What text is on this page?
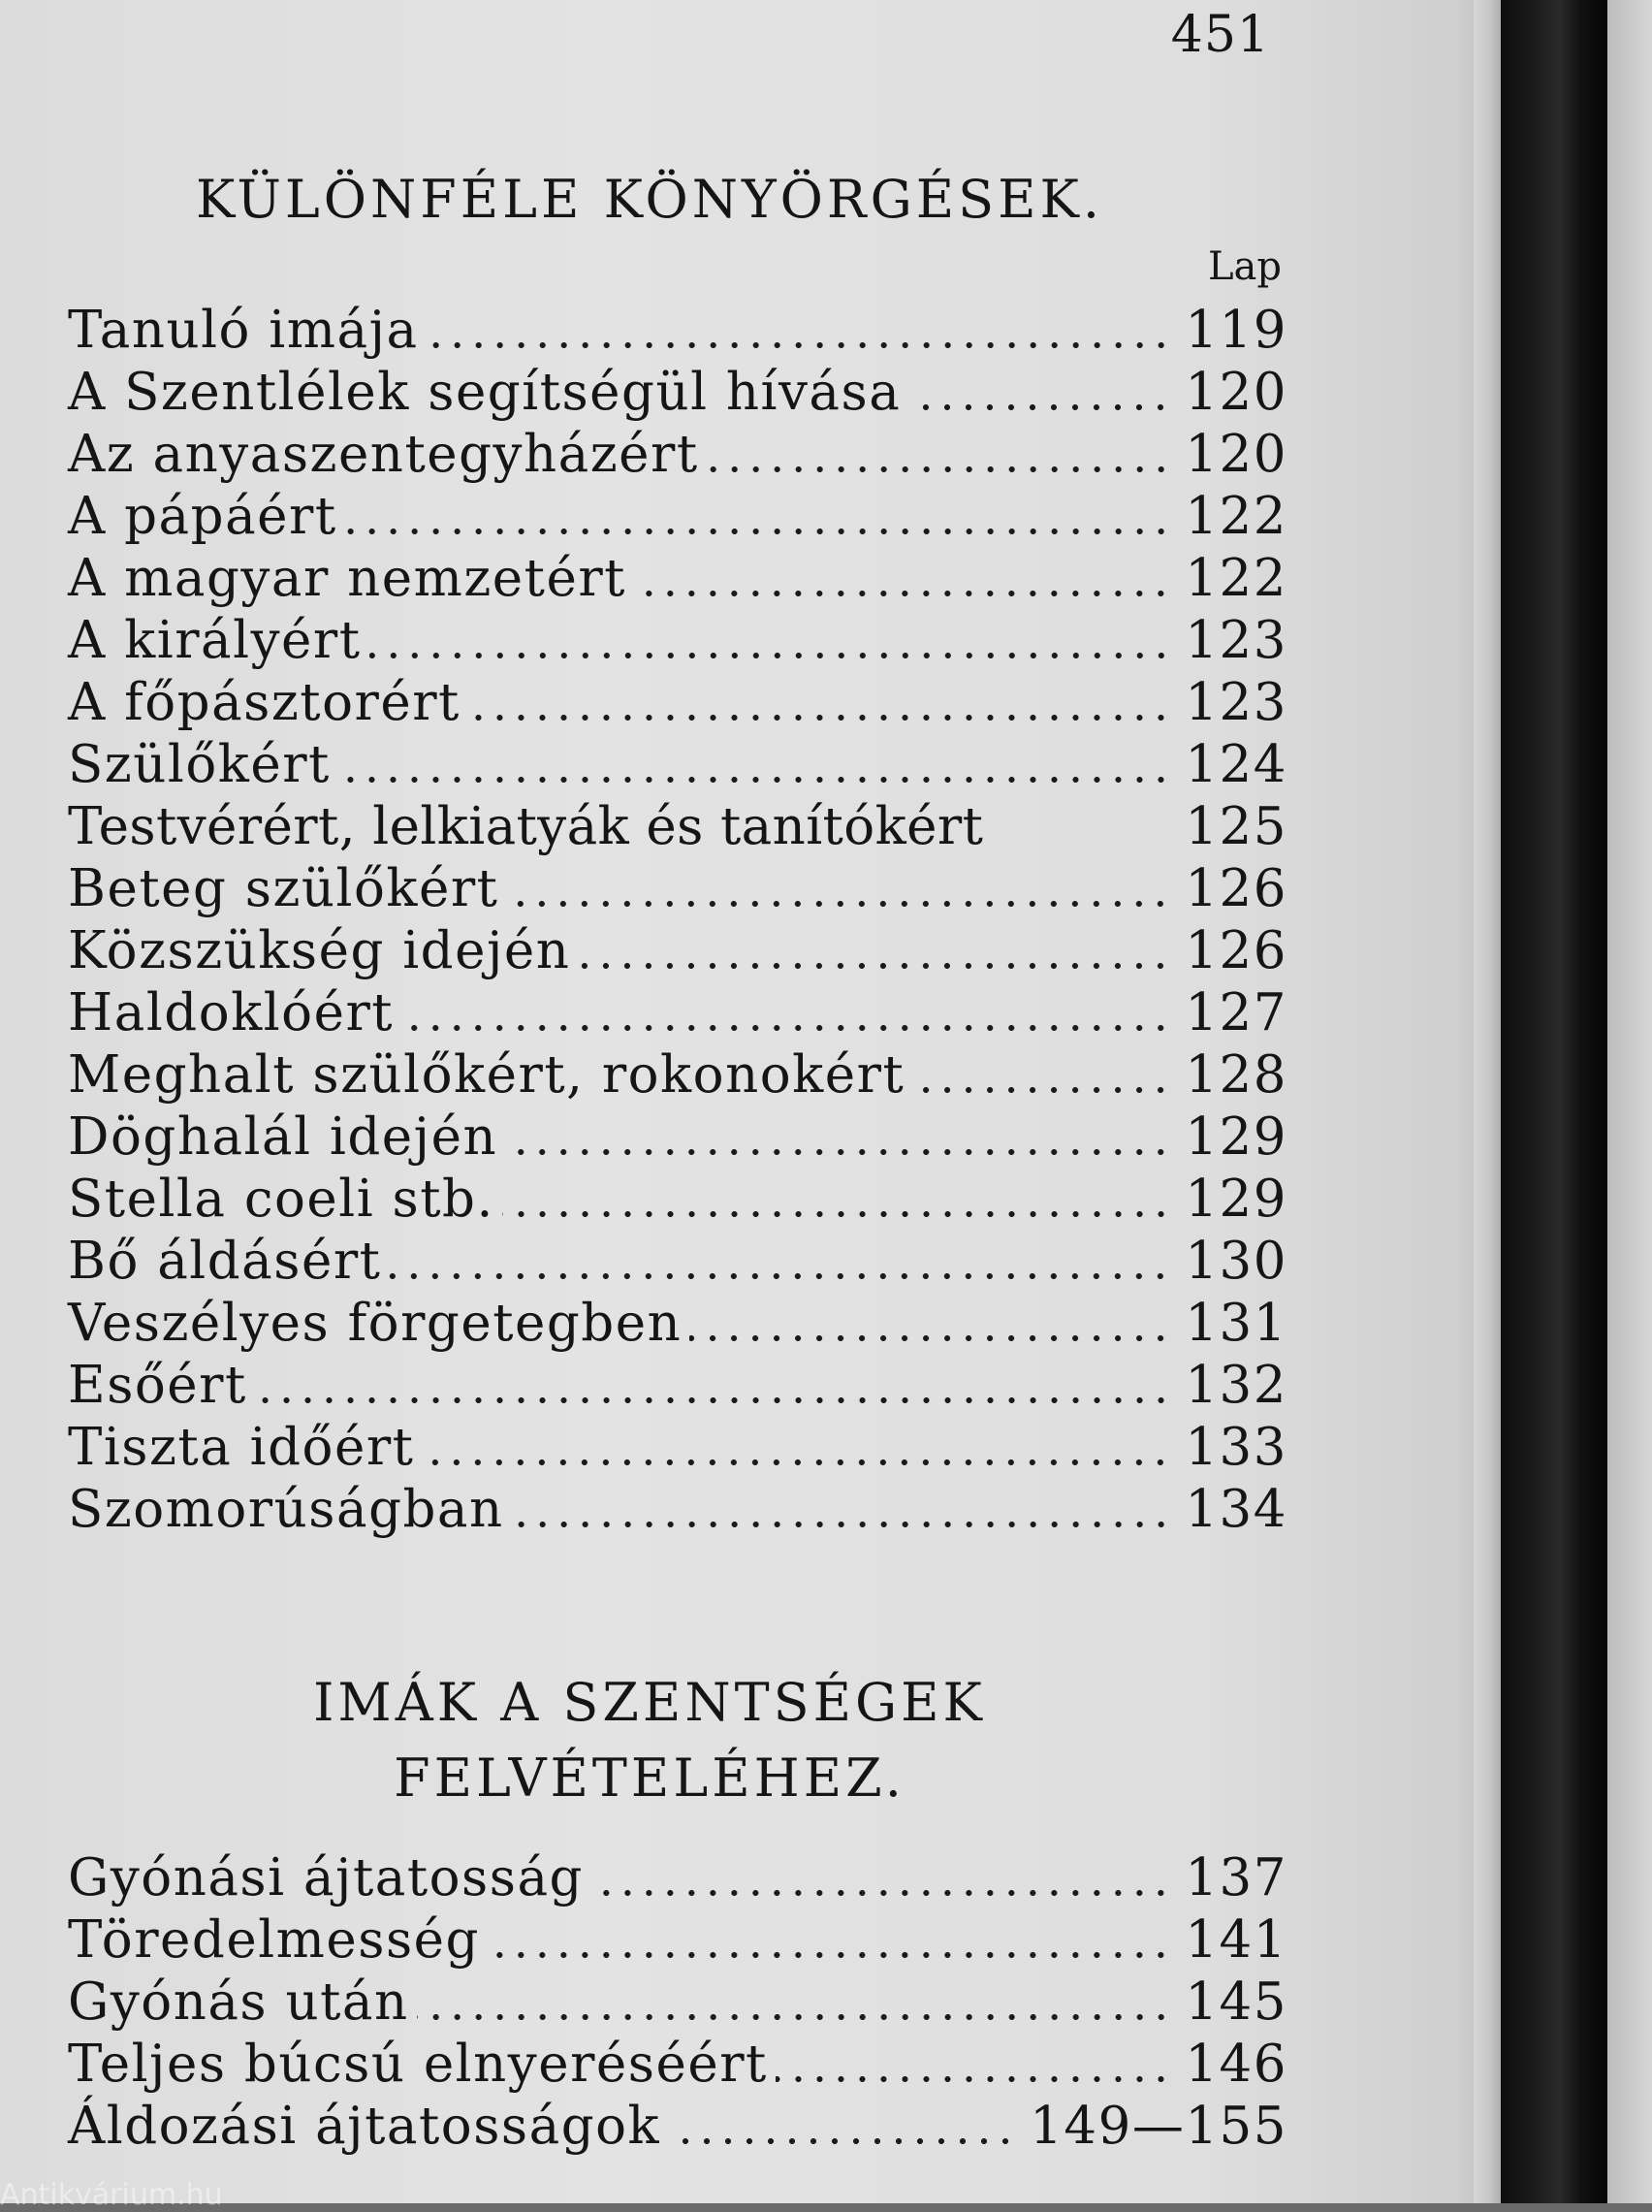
451
KÜLÖNFÉLE KÖNYÖRGÉSEK.
Lap
Tanuló imája	119
A Szentlélek segítségül hívása	120
Az anyaszentegyházért	120
A pápáért	122
A magyar nemzetért	122
A királyért	123
A főpásztorért	123
Szülőkért	124
Testvérért, lelkiatyák és tanítókért	125
Beteg szülőkért	126
Közszükség idején	126
Haldoklóért	127
Meghalt szülőkért, rokonokért	128
Döghalál idején	129
Stella coeli stb.	129
Bő áldásért	130
Veszélyes förgetegben	131
Esőért	132
Tiszta időért	133
Szomorúságban	134
IMÁK A SZENTSÉGEK
FELVÉTELÉHEZ.
Gyónási ájtatosság	137
Töredelmesség	141
Gyónás után	145
Teljes búcsú elnyeréséért	146
Áldozási ájtatosságok	149—155
Antikvárium.hu
